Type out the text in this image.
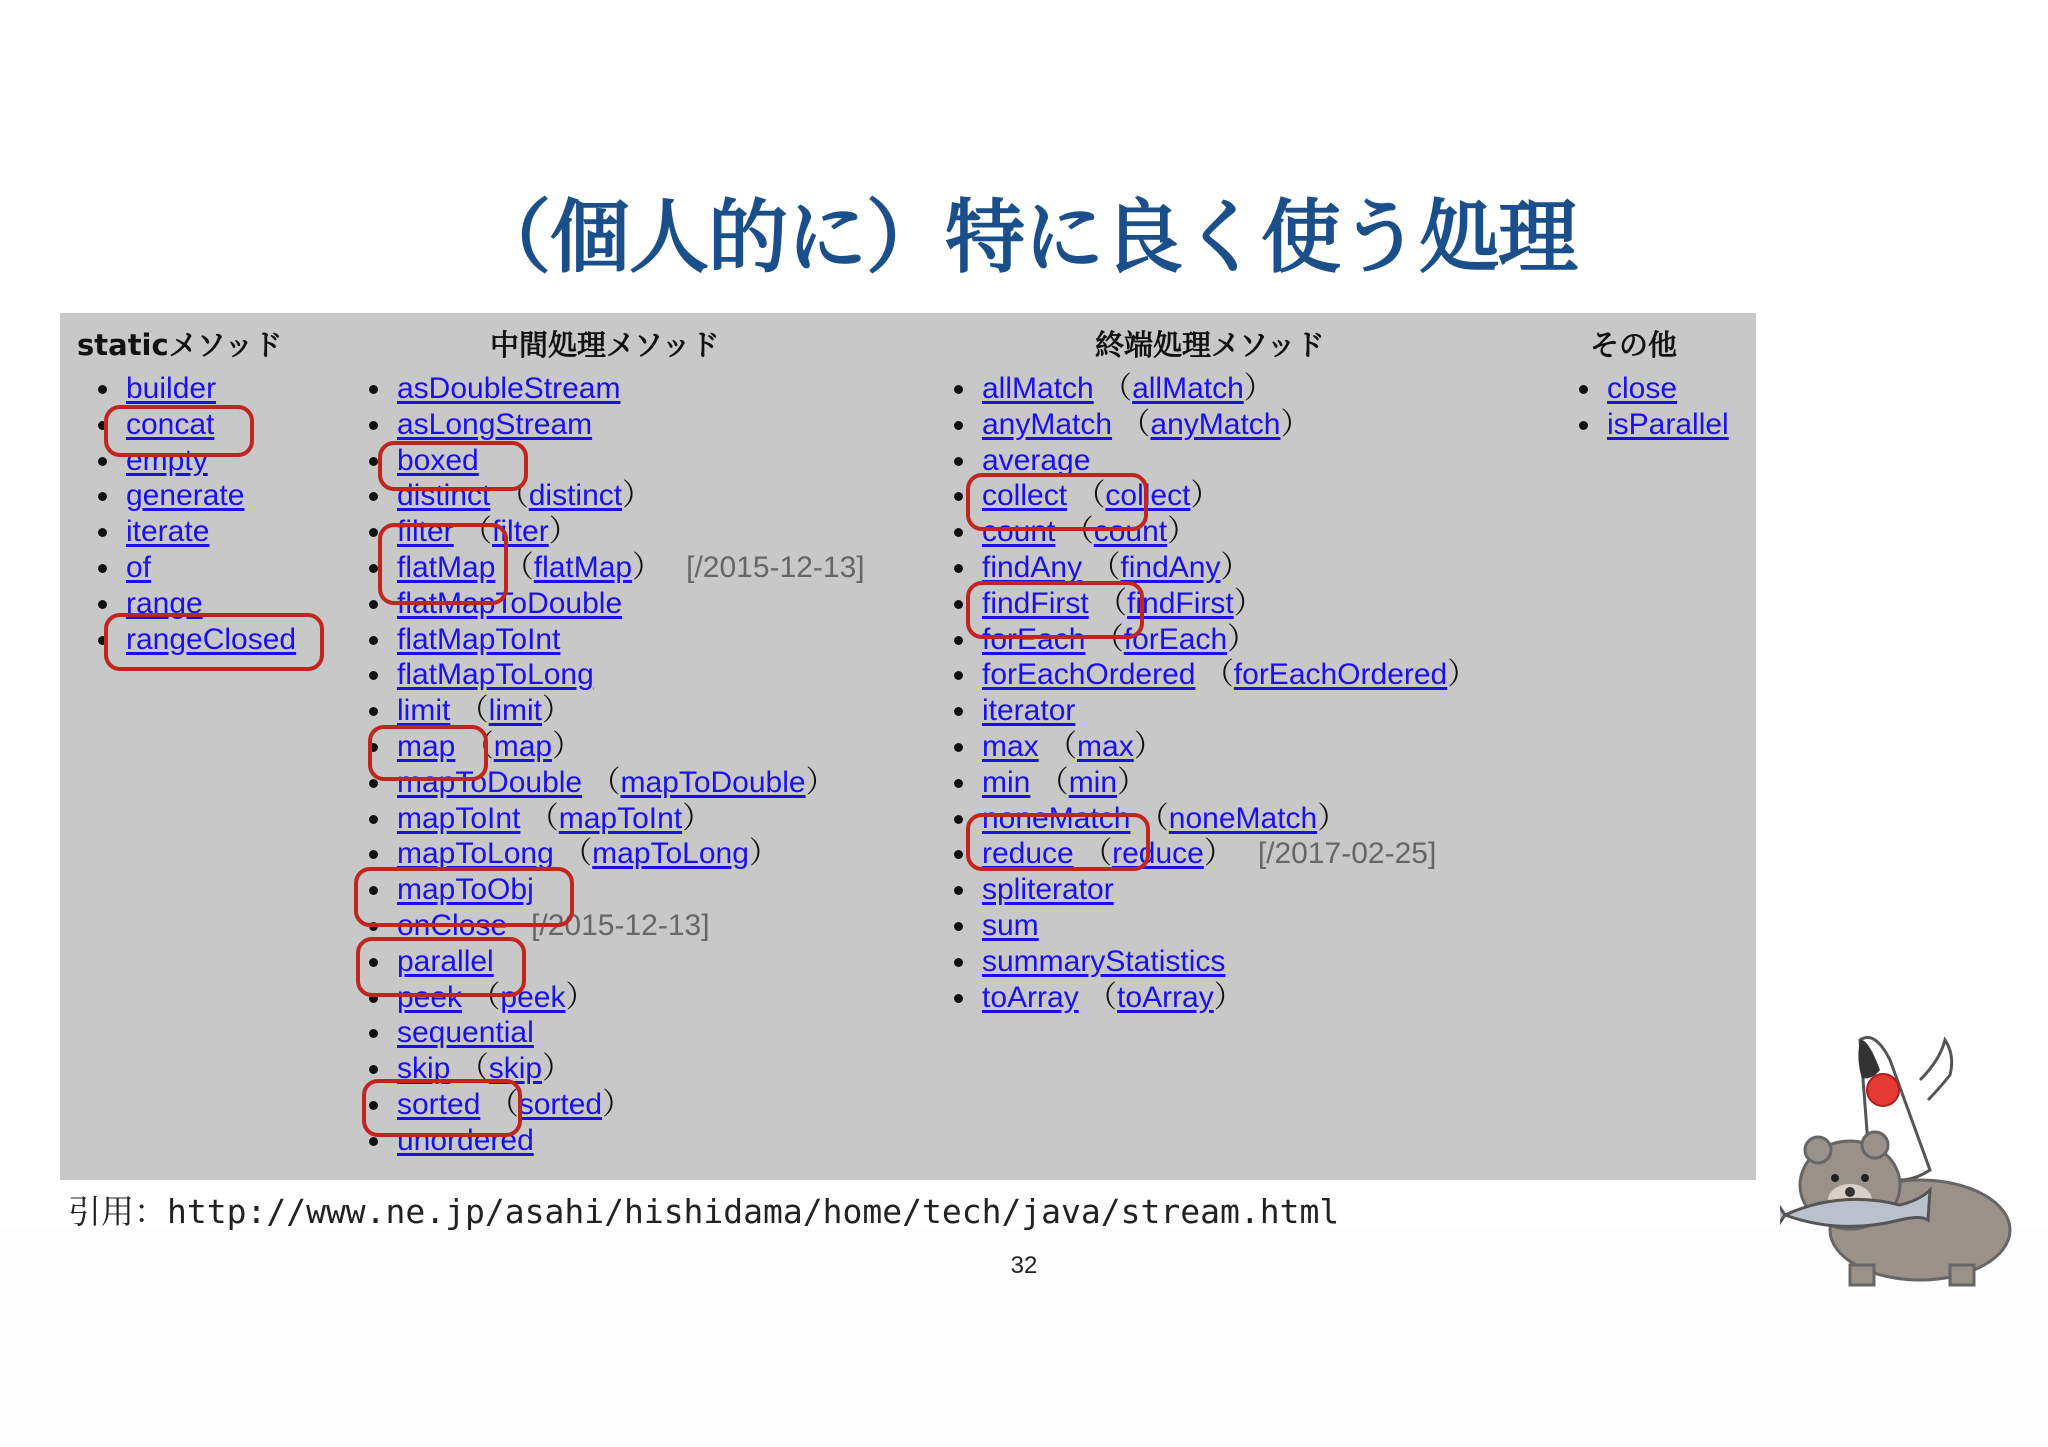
（個人的に）特に良く使う処理
staticメソッド
builder
concat
empty
generate
iterate
of
range
rangeClosed
中間処理メソッド
asDoubleStream
asLongStream
boxed
distinct （distinct）
filter （filter）
flatMap （flatMap） [/2015-12-13]
flatMapToDouble
flatMapToInt
flatMapToLong
limit （limit）
map （map）
mapToDouble （mapToDouble）
mapToInt （mapToInt）
mapToLong （mapToLong）
mapToObj
onClose [/2015-12-13]
parallel
peek （peek）
sequential
skip （skip）
sorted （sorted）
unordered
終端処理メソッド
allMatch （allMatch）
anyMatch （anyMatch）
average
collect （collect）
count （count）
findAny （findAny）
findFirst （findFirst）
forEach （forEach）
forEachOrdered （forEachOrdered）
iterator
max （max）
min （min）
noneMatch （noneMatch）
reduce （reduce） [/2017-02-25]
spliterator
sum
summaryStatistics
toArray （toArray）
その他
close
isParallel
引用：http://www.ne.jp/asahi/hishidama/home/tech/java/stream.html
32
